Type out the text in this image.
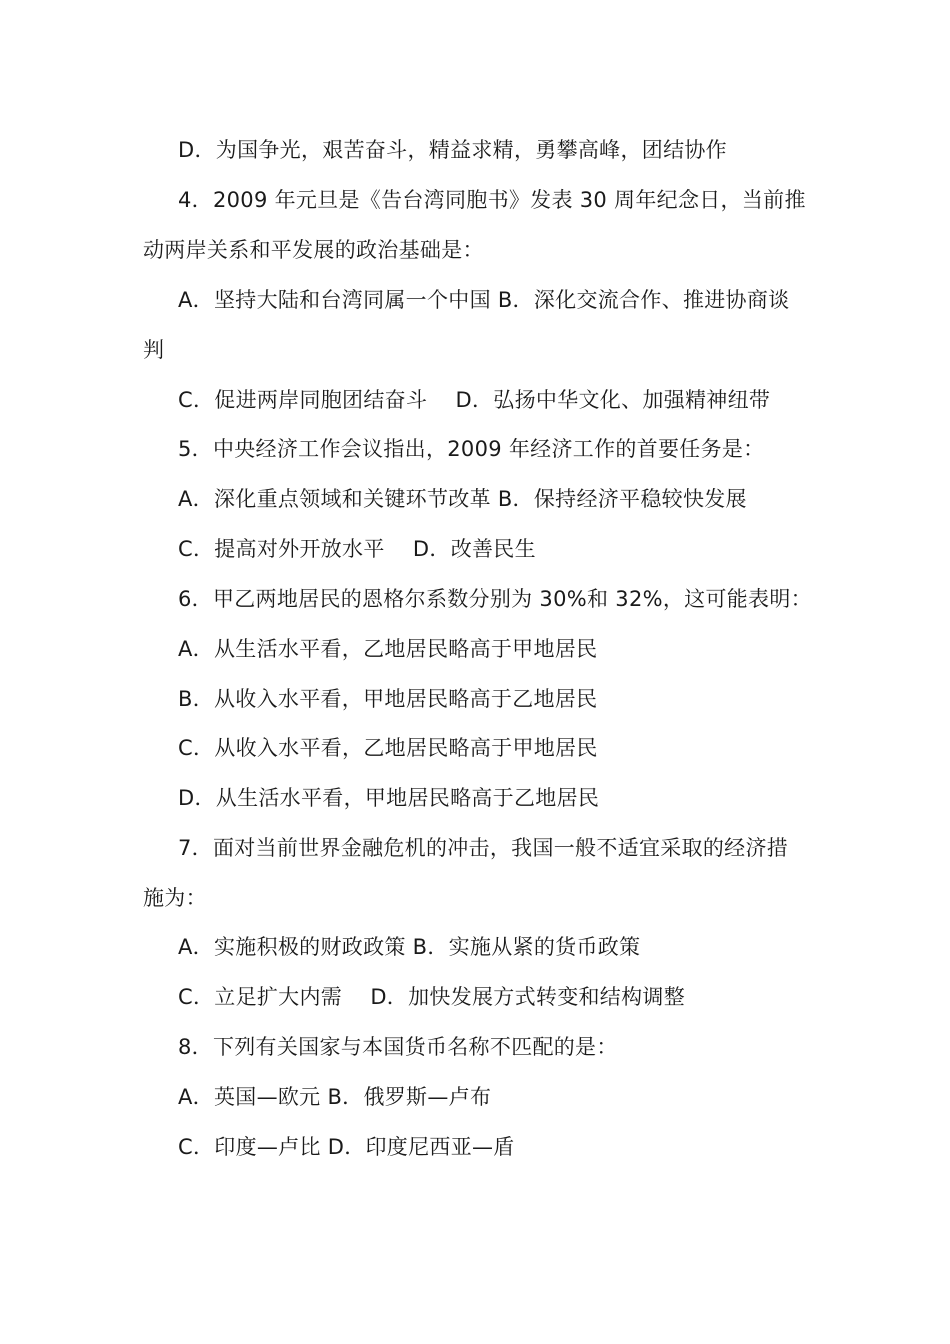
D．为国争光，艰苦奋斗，精益求精，勇攀高峰，团结协作
4．2009 年元旦是《告台湾同胞书》发表 30 周年纪念日，当前推
动两岸关系和平发展的政治基础是：
A．坚持大陆和台湾同属一个中国 B．深化交流合作、推进协商谈
判
C．促进两岸同胞团结奋斗　 D．弘扬中华文化、加强精神纽带
5．中央经济工作会议指出，2009 年经济工作的首要任务是：
A．深化重点领域和关键环节改革 B．保持经济平稳较快发展
C．提高对外开放水平　 D．改善民生
6．甲乙两地居民的恩格尔系数分别为 30%和 32%，这可能表明：
A．从生活水平看，乙地居民略高于甲地居民
B．从收入水平看，甲地居民略高于乙地居民
C．从收入水平看，乙地居民略高于甲地居民
D．从生活水平看，甲地居民略高于乙地居民
7．面对当前世界金融危机的冲击，我国一般不适宜采取的经济措
施为：
A．实施积极的财政政策 B．实施从紧的货币政策
C．立足扩大内需　 D．加快发展方式转变和结构调整
8．下列有关国家与本国货币名称不匹配的是：
A．英国—欧元 B．俄罗斯—卢布
C．印度—卢比 D．印度尼西亚—盾
